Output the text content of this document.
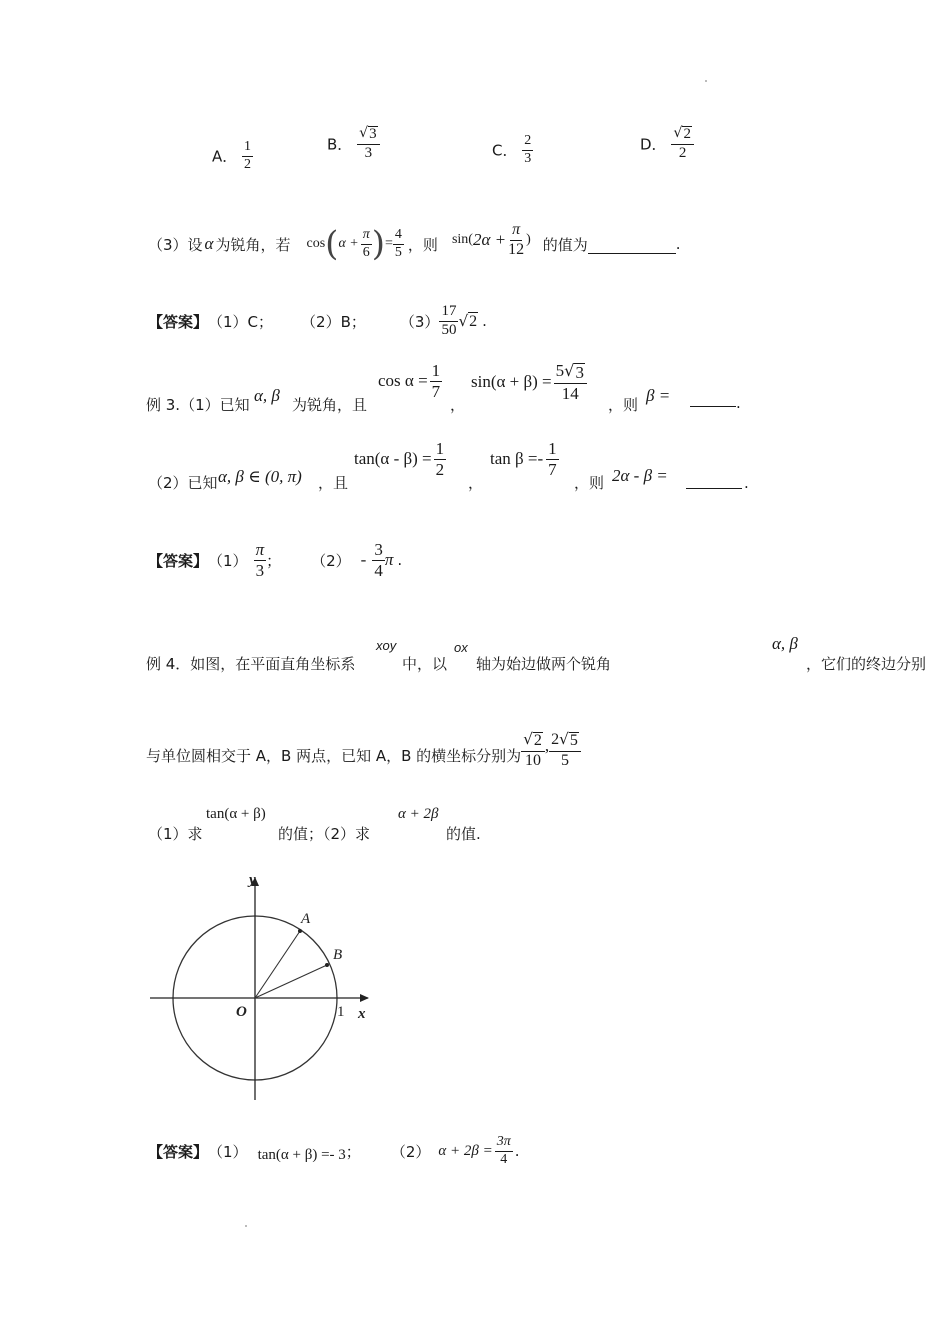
A． $\frac{1}{2}$	B． $\frac{√ 3}{3}$	C． $\frac{2}{3}$	D． $\frac{√ 2}{2}$
（3）设 α 为锐角，若 cos ( $\alpha + \frac{\pi}{6}$ ) = $\frac{4}{5}$ ，则 sin( $2\alpha + \frac{\pi}{12}$ ) 的值为	.
【答案】 （1）C； （2）B； $(3) \frac{17}{50}$ √ 2 .
例 3.（1）已知 α, β 为锐角，且
$\cos \alpha = \frac{1}{7}$
，
$\sin(\alpha + \beta) = \frac{5 √ 3}{14}$
，则 β =	.
（2）已知 α, β ∈ (0, π) ，且
$\tan(\alpha - \beta) = \frac{1}{2}$
，
$\tan \beta =- \frac{1}{7}$
，则 2α - β =	.
【答案】 $(1) \frac{\pi}{3}$ ； $(2) - \frac{3}{4}$ π .
例 4．如图，在平面直角坐标系
xoy
中，以
ox
轴为始边做两个锐角
α, β
，它们的终边分别
与单位圆相交于 A，B 两点，已知 A，B 的横坐标分别为 $\frac{√ 2}{10}$ , $\frac{2 √ 5}{5}$
（1）求
tan(α + β)
的值；（2）求
α + 2β
的值.
y
x
O	1
A
B
【答案】 （1） tan(α + β) =- 3 ； （2） $\alpha + 2\beta = \frac{3\pi}{4}$ .
